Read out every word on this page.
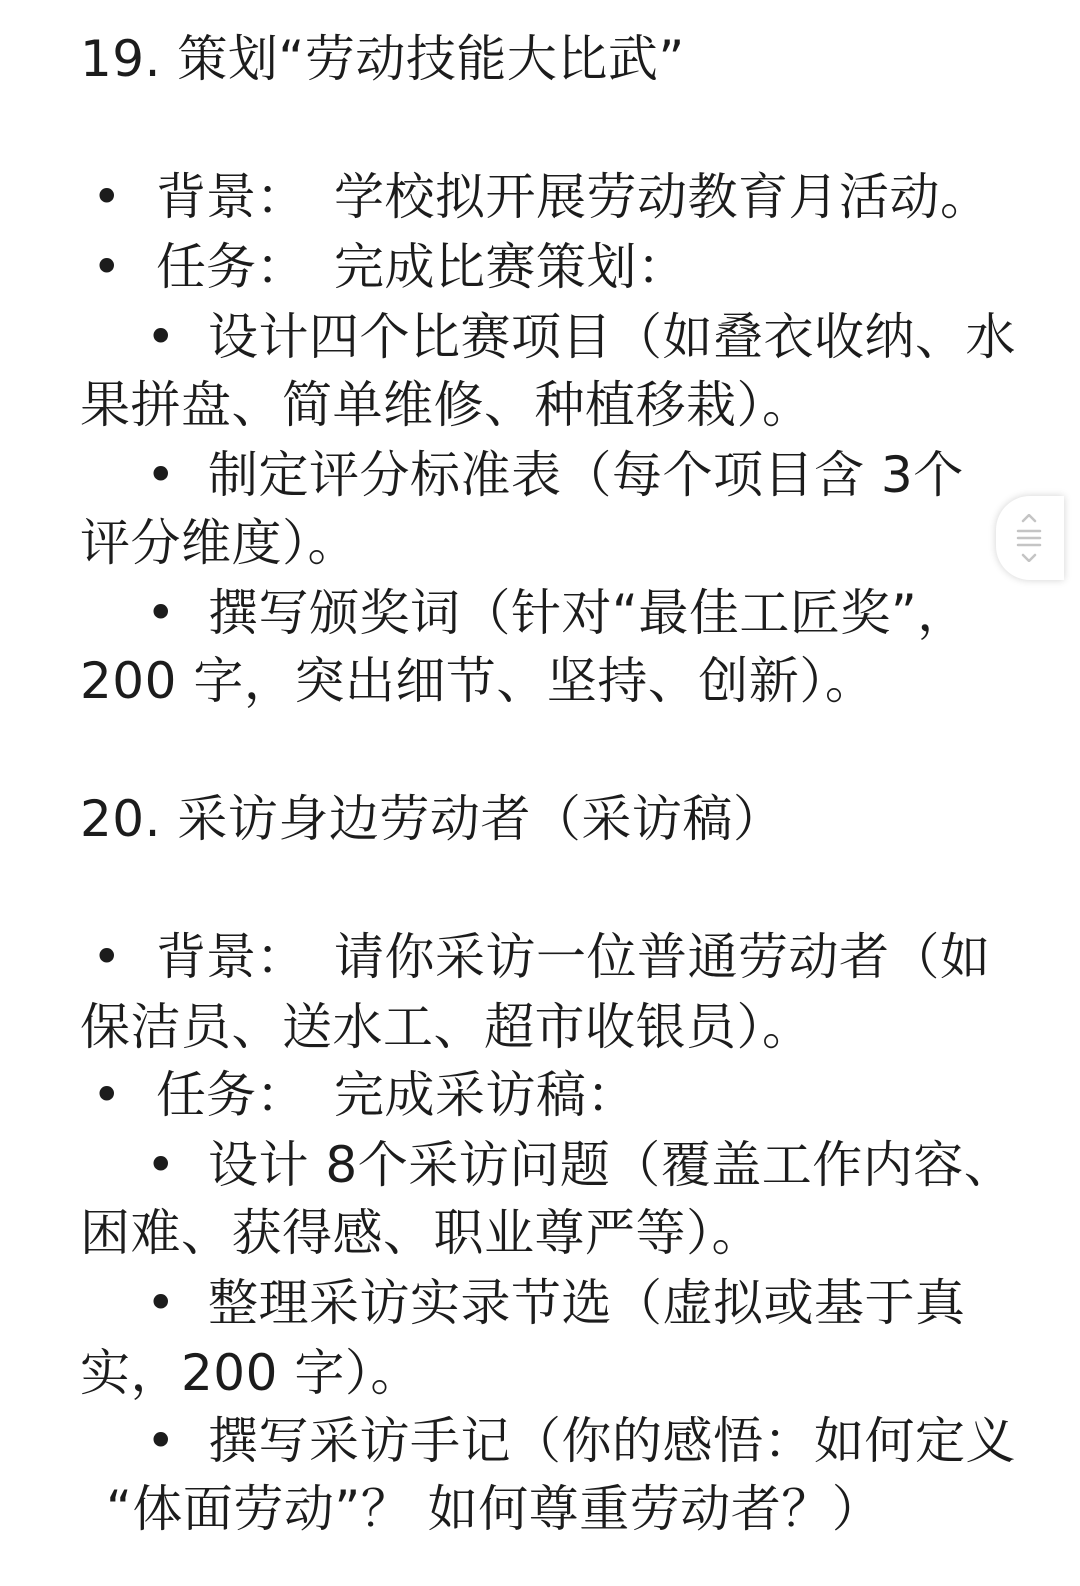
19. 策划“劳动技能大比武”
• 背景： 学校拟开展劳动教育月活动。
• 任务： 完成比赛策划：
• 设计四个比赛项目（如叠衣收纳、水
果拼盘、简单维修、种植移栽）。
• 制定评分标准表（每个项目含 3个
评分维度）。
• 撰写颁奖词（针对“最佳工匠奖”，
200 字，突出细节、坚持、创新）。
20. 采访身边劳动者（采访稿）
• 背景： 请你采访一位普通劳动者（如
保洁员、送水工、超市收银员）。
• 任务： 完成采访稿：
• 设计 8个采访问题（覆盖工作内容、
困难、获得感、职业尊严等）。
• 整理采访实录节选（虚拟或基于真
实，200 字）。
• 撰写采访手记（你的感悟：如何定义
“体面劳动”？ 如何尊重劳动者？）
